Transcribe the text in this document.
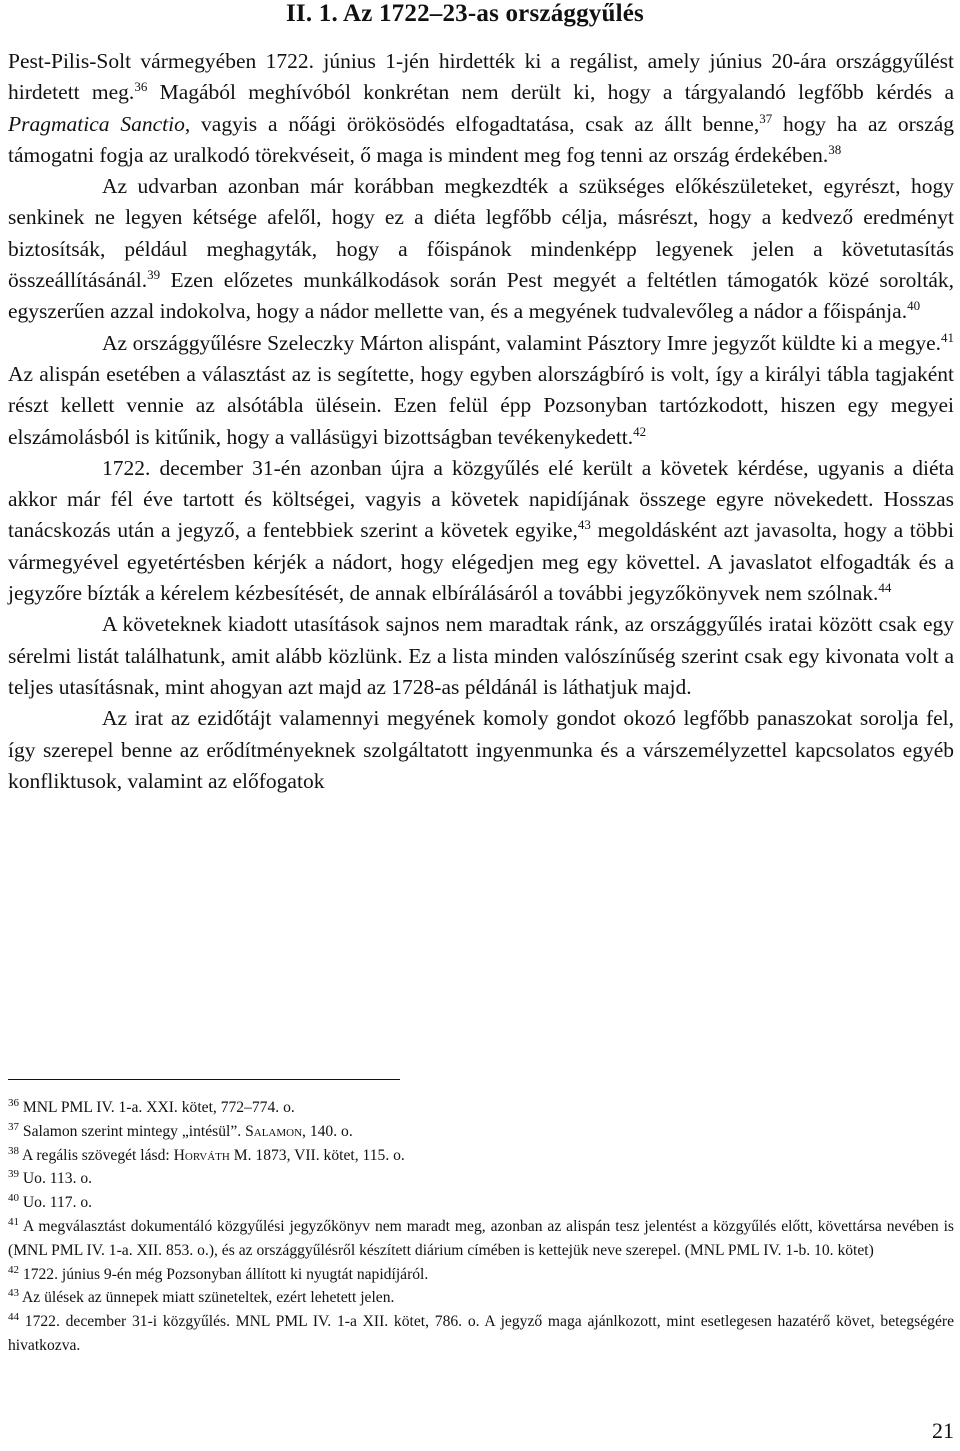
II. 1. Az 1722–23-as országgyűlés

Pest-Pilis-Solt vármegyében 1722. június 1-jén hirdették ki a regálist, amely június 20-ára országgyűlést hirdetett meg.$^{36}$ Magából meghívóból konkrétan nem derült ki, hogy a tárgyalandó legfőbb kérdés a Pragmatica Sanctio, vagyis a nőági örökösödés elfogadtatása, csak az állt benne,$^{37}$ hogy ha az ország támogatni fogja az uralkodó törekvéseit, ő maga is mindent meg fog tenni az ország érdekében.$^{38}$

Az udvarban azonban már korábban megkezdték a szükséges előkészületeket, egyrészt, hogy senkinek ne legyen kétsége afelől, hogy ez a diéta legfőbb célja, másrészt, hogy a kedvező eredményt biztosítsák, például meghagyták, hogy a főispánok mindenképp legyenek jelen a követutasítás összeállításánál.$^{39}$ Ezen előzetes munkálkodások során Pest megyét a feltétlen támogatók közé sorolták, egyszerűen azzal indokolva, hogy a nádor mellette van, és a megyének tudvalevőleg a nádor a főispánja.$^{40}$

Az országgyűlésre Szeleczky Márton alispánt, valamint Pásztory Imre jegyzőt küldte ki a megye.$^{41}$ Az alispán esetében a választást az is segítette, hogy egyben alországbíró is volt, így a királyi tábla tagjaként részt kellett vennie az alsótábla ülésein. Ezen felül épp Pozsonyban tartózkodott, hiszen egy megyei elszámolásból is kitűnik, hogy a vallásügyi bizottságban tevékenykedett.$^{42}$

1722. december 31-én azonban újra a közgyűlés elé került a követek kérdése, ugyanis a diéta akkor már fél éve tartott és költségei, vagyis a követek napidíjának összege egyre növekedett. Hosszas tanácskozás után a jegyző, a fentebbiek szerint a követek egyike,$^{43}$ megoldásként azt javasolta, hogy a többi vármegyével egyetértésben kérjék a nádort, hogy elégedjen meg egy követtel. A javaslatot elfogadták és a jegyzőre bízták a kérelem kézbesítését, de annak elbírálásáról a további jegyzőkönyvek nem szólnak.$^{44}$

A követeknek kiadott utasítások sajnos nem maradtak ránk, az országgyűlés iratai között csak egy sérelmi listát találhatunk, amit alább közlünk. Ez a lista minden valószínűség szerint csak egy kivonata volt a teljes utasításnak, mint ahogyan azt majd az 1728-as példánál is láthatjuk majd.

Az irat az ezidőtájt valamennyi megyének komoly gondot okozó legfőbb panaszokat sorolja fel, így szerepel benne az erődítményeknek szolgáltatott ingyenmunka és a várszemélyzettel kapcsolatos egyéb konfliktusok, valamint az előfogatok

$^{36}$ MNL PML IV. 1-a. XXI. kötet, 772–774. o.
$^{37}$ Salamon szerint mintegy „intésül”. Salamon, 140. o.
$^{38}$ A regális szövegét lásd: Horváth M. 1873, VII. kötet, 115. o.
$^{39}$ Uo. 113. o.
$^{40}$ Uo. 117. o.
$^{41}$ A megválasztást dokumentáló közgyűlési jegyzőkönyv nem maradt meg, azonban az alispán tesz jelentést a közgyűlés előtt, követtársa nevében is (MNL PML IV. 1-a. XII. 853. o.), és az országgyűlésről készített diárium címében is kettejük neve szerepel. (MNL PML IV. 1-b. 10. kötet)
$^{42}$ 1722. június 9-én még Pozsonyban állított ki nyugtát napidíjáról.
$^{43}$ Az ülések az ünnepek miatt szüneteltek, ezért lehetett jelen.
$^{44}$ 1722. december 31-i közgyűlés. MNL PML IV. 1-a XII. kötet, 786. o. A jegyző maga ajánlkozott, mint esetlegesen hazatérő követ, betegségére hivatkozva.
21
